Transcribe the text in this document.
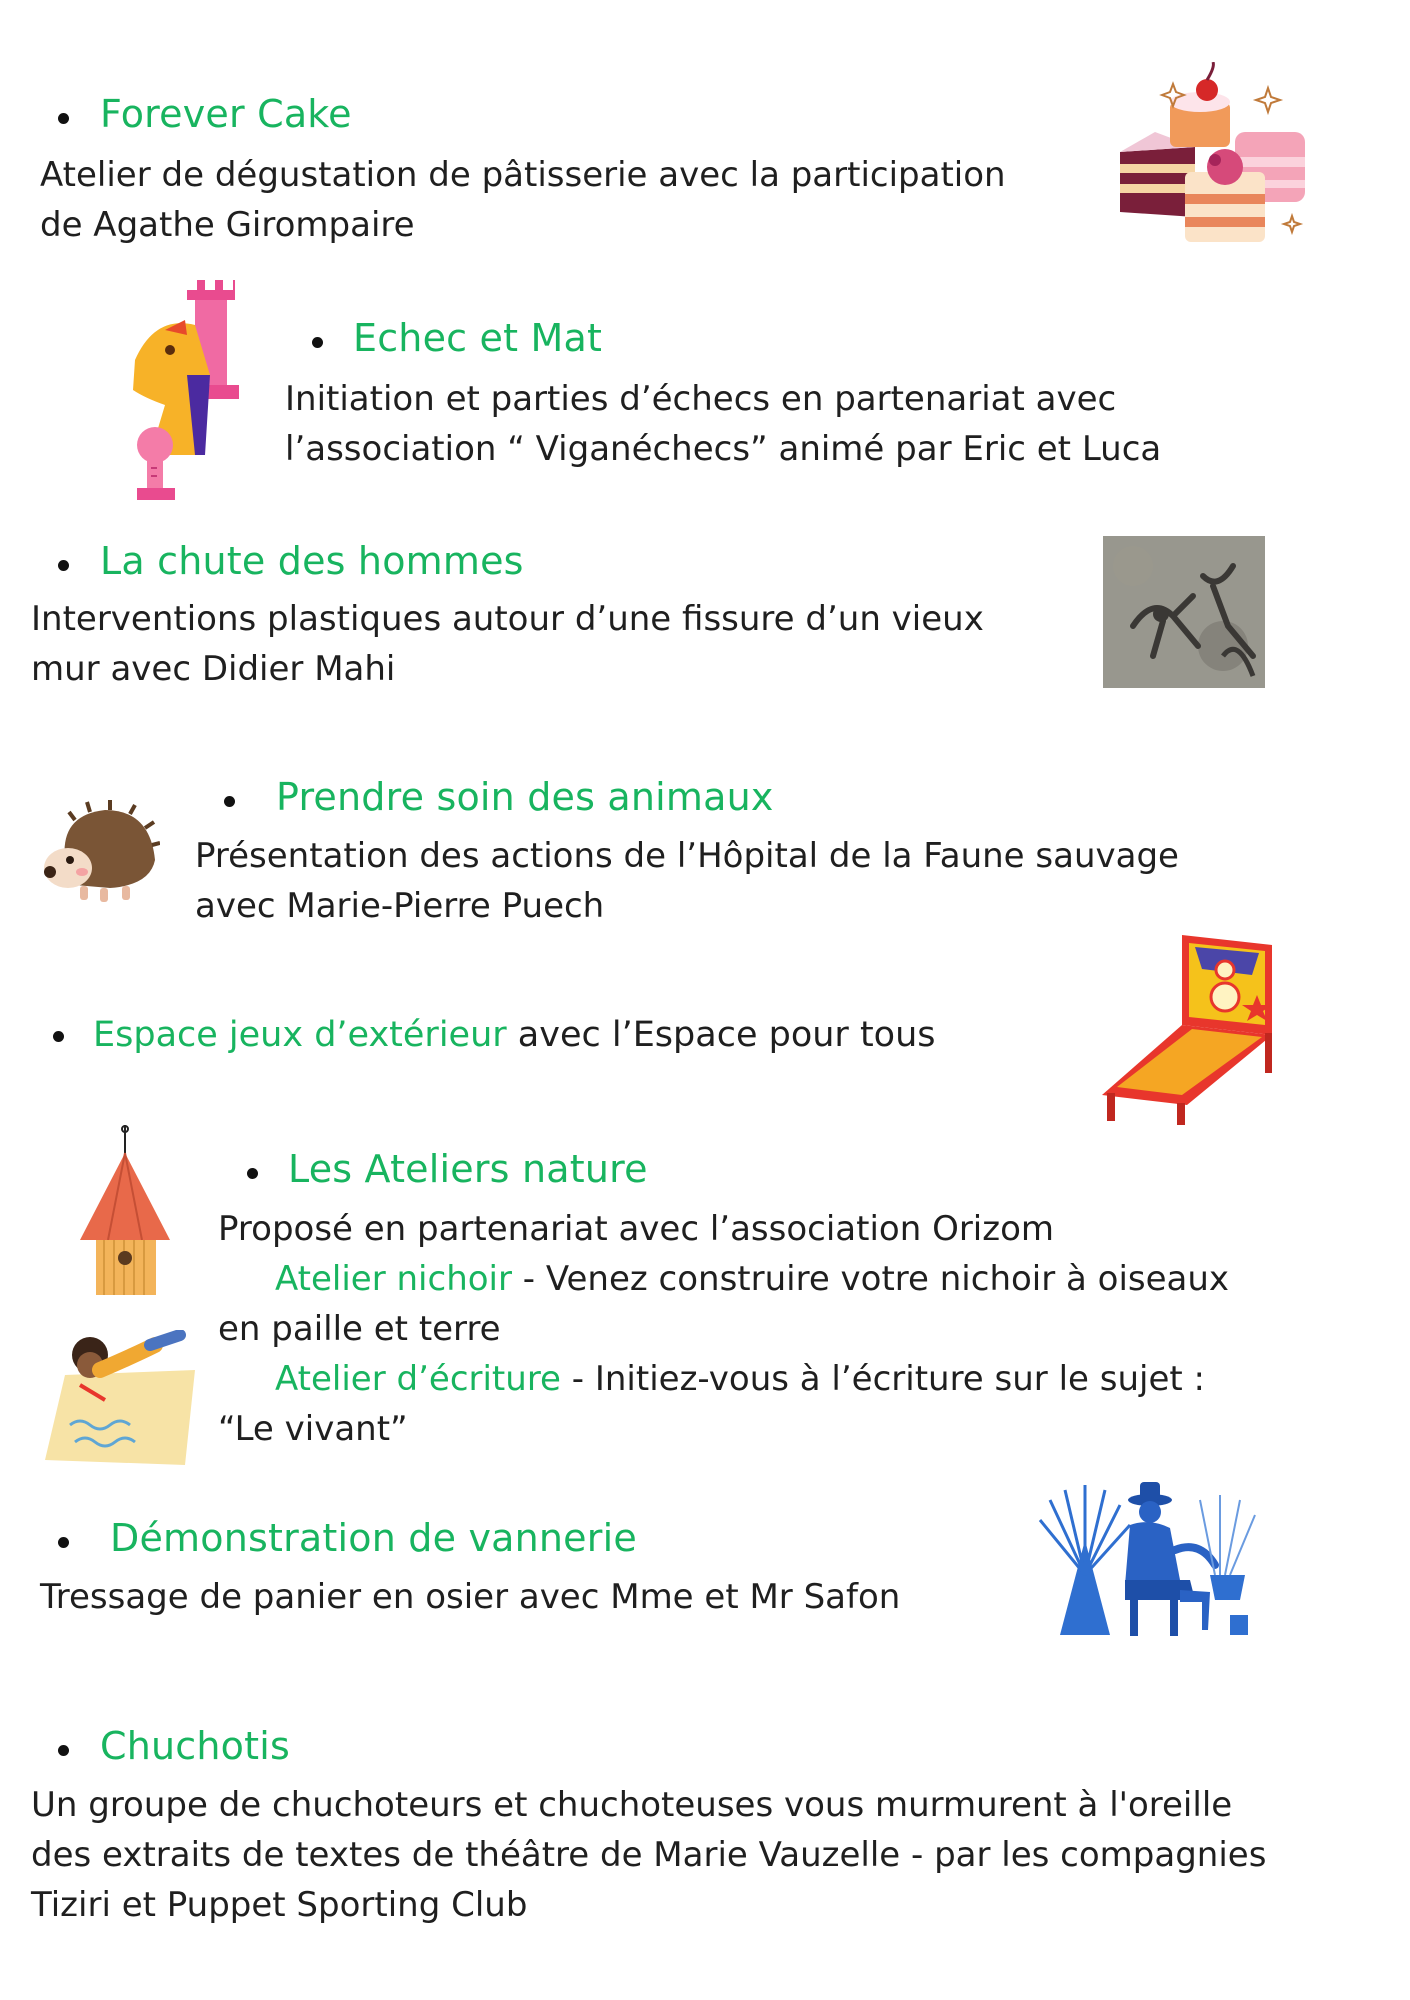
Forever Cake
Atelier de dégustation de pâtisserie avec la participation
de Agathe Girompaire
Echec et Mat
Initiation et parties d’échecs en partenariat avec
l’association “ Viganéchecs” animé par Eric et Luca
La chute des hommes
Interventions plastiques autour d’une fissure d’un vieux
mur avec Didier Mahi
Prendre soin des animaux
Présentation des actions de l’Hôpital de la Faune sauvage
avec Marie-Pierre Puech
Espace jeux d’extérieur avec l’Espace pour tous
Les Ateliers nature
Proposé en partenariat avec l’association Orizom
Atelier nichoir - Venez construire votre nichoir à oiseaux
en paille et terre
Atelier d’écriture - Initiez-vous à l’écriture sur le sujet :
“Le vivant”
Démonstration de vannerie
Tressage de panier en osier avec Mme et Mr Safon
Chuchotis
Un groupe de chuchoteurs et chuchoteuses vous murmurent à l'oreille
des extraits de textes de théâtre de Marie Vauzelle - par les compagnies
Tiziri et Puppet Sporting Club
